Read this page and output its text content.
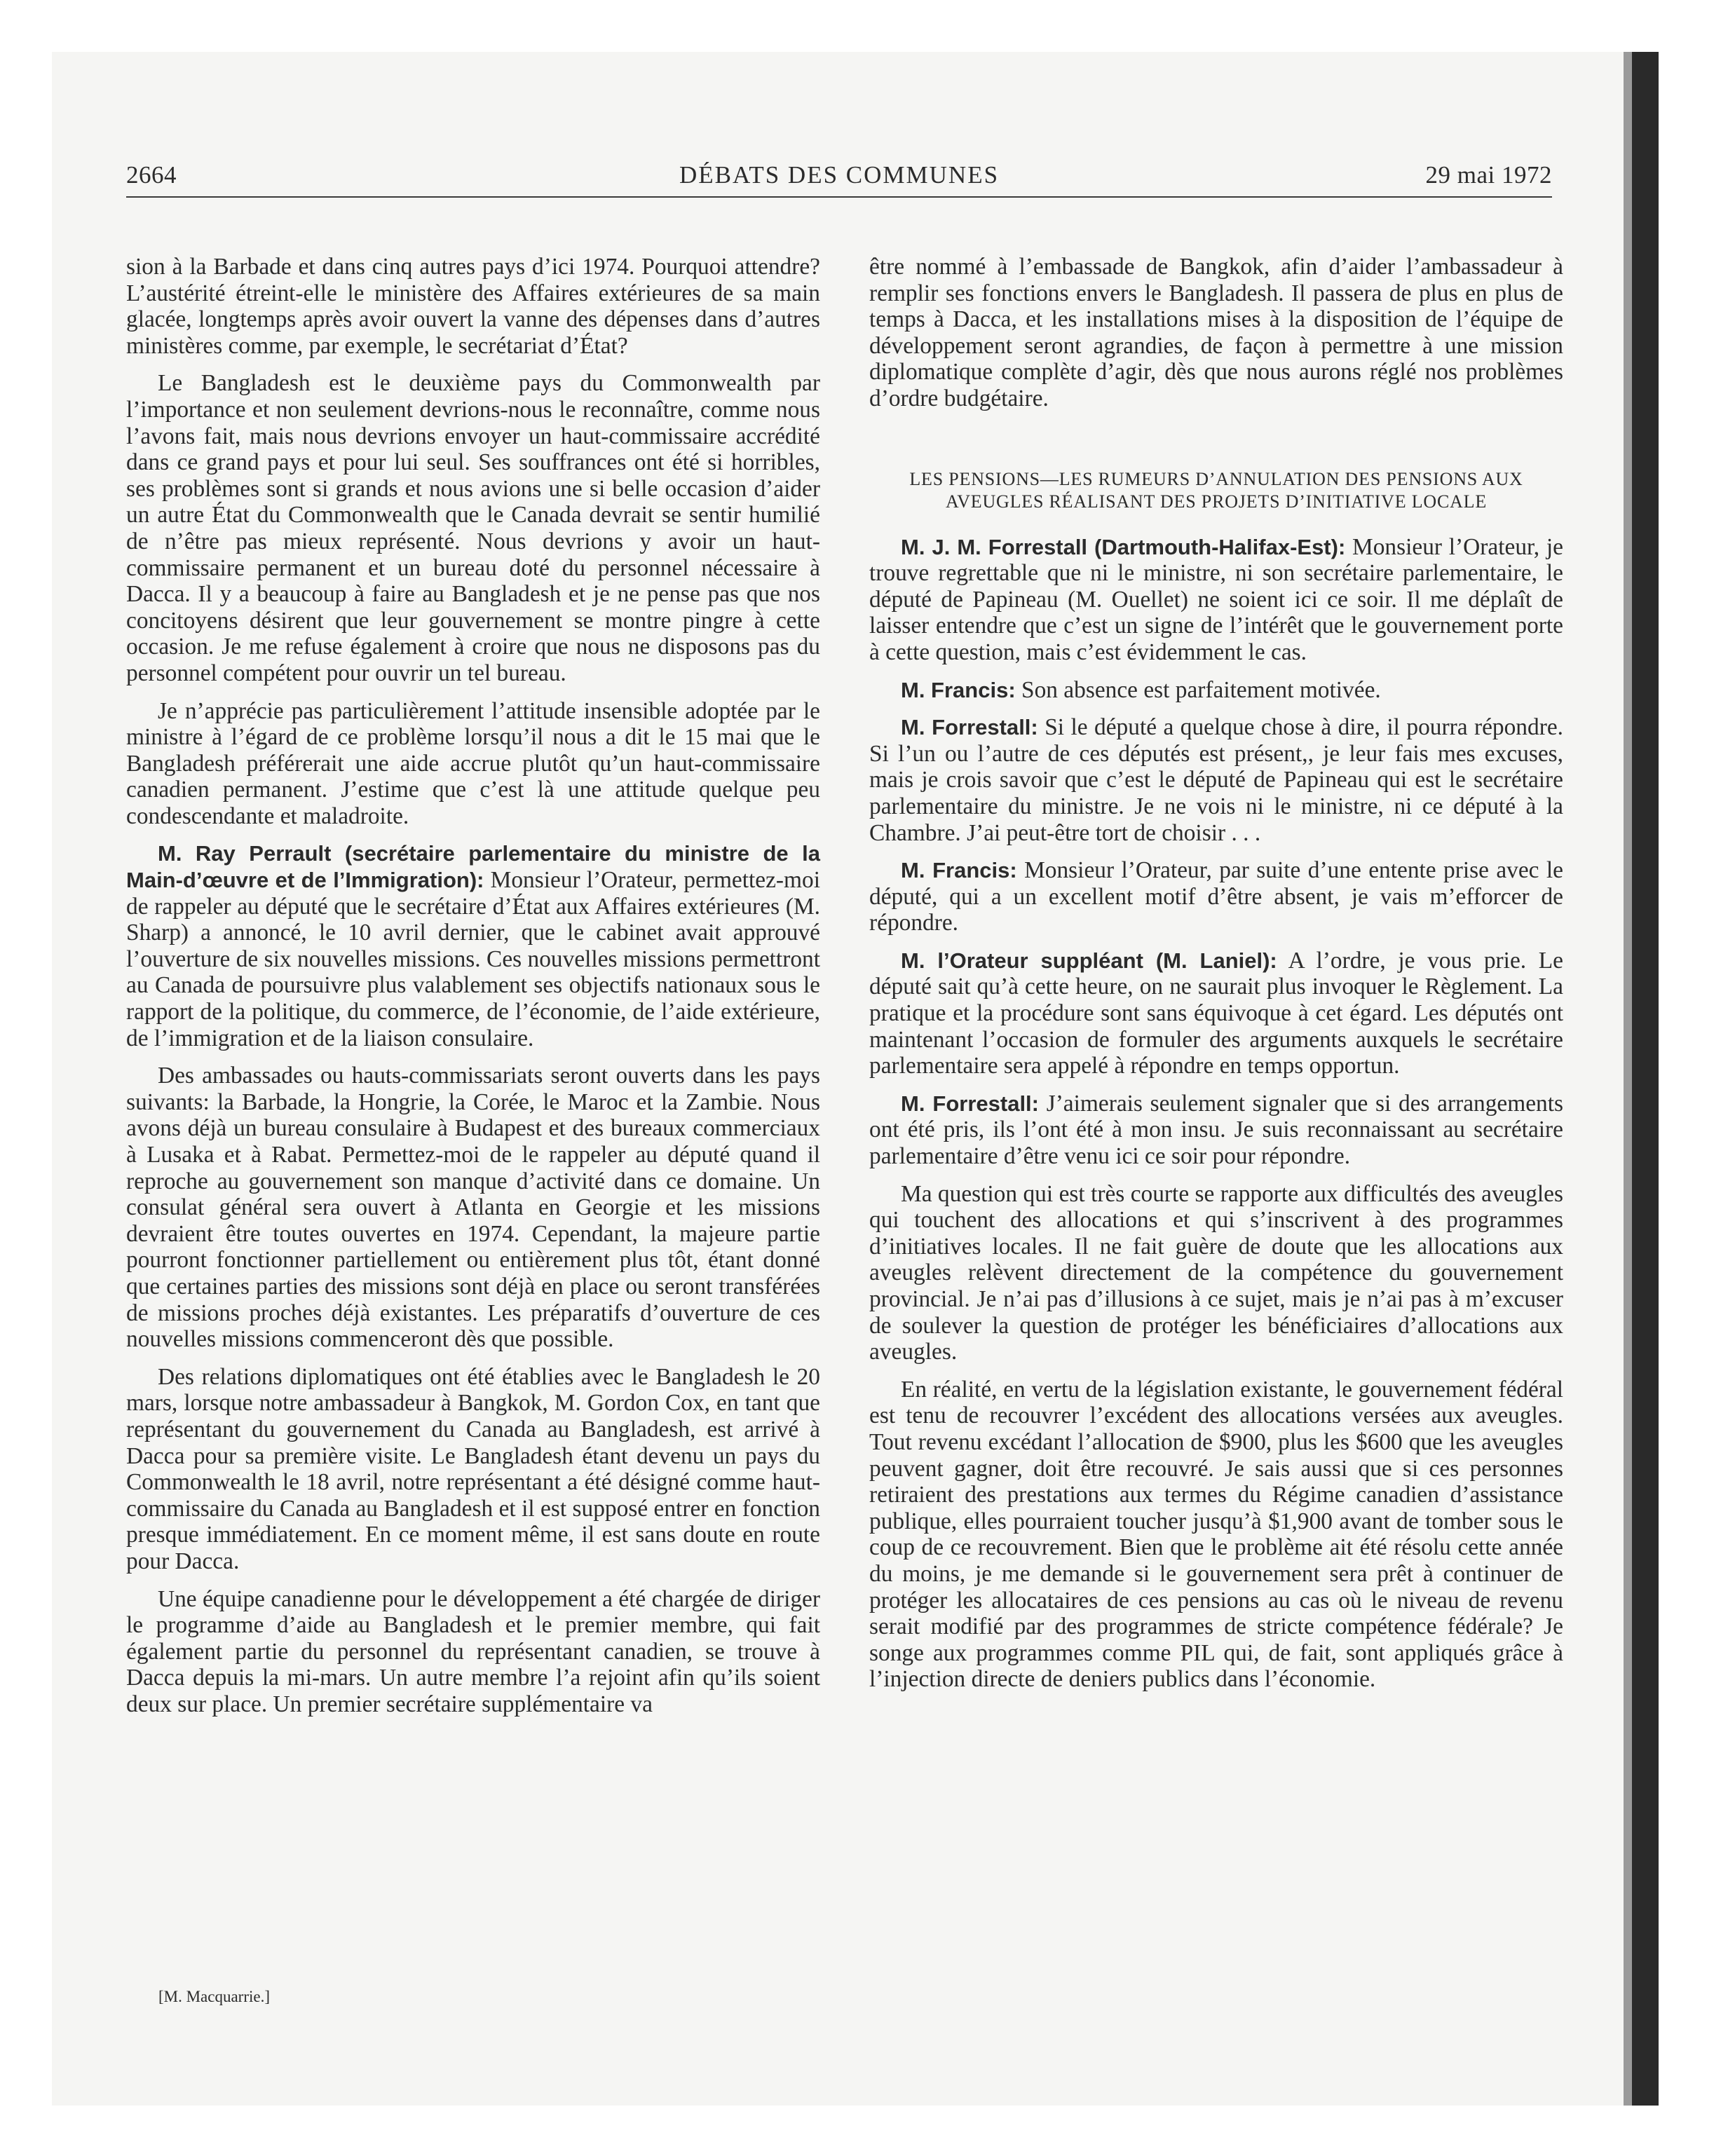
2664	DÉBATS DES COMMUNES	29 mai 1972

sion à la Barbade et dans cinq autres pays d’ici 1974. Pourquoi attendre? L’austérité étreint-elle le ministère des Affaires extérieures de sa main glacée, longtemps après avoir ouvert la vanne des dépenses dans d’autres ministères comme, par exemple, le secrétariat d’État?

Le Bangladesh est le deuxième pays du Commonwealth par l’importance et non seulement devrions-nous le reconnaître, comme nous l’avons fait, mais nous devrions envoyer un haut-commissaire accrédité dans ce grand pays et pour lui seul. Ses souffrances ont été si horribles, ses problèmes sont si grands et nous avions une si belle occasion d’aider un autre État du Commonwealth que le Canada devrait se sentir humilié de n’être pas mieux représenté. Nous devrions y avoir un haut-commissaire permanent et un bureau doté du personnel nécessaire à Dacca. Il y a beaucoup à faire au Bangladesh et je ne pense pas que nos concitoyens désirent que leur gouvernement se montre pingre à cette occasion. Je me refuse également à croire que nous ne disposons pas du personnel compétent pour ouvrir un tel bureau.

Je n’apprécie pas particulièrement l’attitude insensible adoptée par le ministre à l’égard de ce problème lorsqu’il nous a dit le 15 mai que le Bangladesh préférerait une aide accrue plutôt qu’un haut-commissaire canadien permanent. J’estime que c’est là une attitude quelque peu condescendante et maladroite.

M. Ray Perrault (secrétaire parlementaire du ministre de la Main-d’œuvre et de l’Immigration): Monsieur l’Orateur, permettez-moi de rappeler au député que le secrétaire d’État aux Affaires extérieures (M. Sharp) a annoncé, le 10 avril dernier, que le cabinet avait approuvé l’ouverture de six nouvelles missions. Ces nouvelles missions permettront au Canada de poursuivre plus valablement ses objectifs nationaux sous le rapport de la politique, du commerce, de l’économie, de l’aide extérieure, de l’immigration et de la liaison consulaire.

Des ambassades ou hauts-commissariats seront ouverts dans les pays suivants: la Barbade, la Hongrie, la Corée, le Maroc et la Zambie. Nous avons déjà un bureau consulaire à Budapest et des bureaux commerciaux à Lusaka et à Rabat. Permettez-moi de le rappeler au député quand il reproche au gouvernement son manque d’activité dans ce domaine. Un consulat général sera ouvert à Atlanta en Georgie et les missions devraient être toutes ouvertes en 1974. Cependant, la majeure partie pourront fonctionner partiellement ou entièrement plus tôt, étant donné que certaines parties des missions sont déjà en place ou seront transférées de missions proches déjà existantes. Les préparatifs d’ouverture de ces nouvelles missions commenceront dès que possible.

Des relations diplomatiques ont été établies avec le Bangladesh le 20 mars, lorsque notre ambassadeur à Bangkok, M. Gordon Cox, en tant que représentant du gouvernement du Canada au Bangladesh, est arrivé à Dacca pour sa première visite. Le Bangladesh étant devenu un pays du Commonwealth le 18 avril, notre représentant a été désigné comme haut-commissaire du Canada au Bangladesh et il est supposé entrer en fonction presque immédiatement. En ce moment même, il est sans doute en route pour Dacca.

Une équipe canadienne pour le développement a été chargée de diriger le programme d’aide au Bangladesh et le premier membre, qui fait également partie du personnel du représentant canadien, se trouve à Dacca depuis la mi-mars. Un autre membre l’a rejoint afin qu’ils soient deux sur place. Un premier secrétaire supplémentaire va

être nommé à l’embassade de Bangkok, afin d’aider l’ambassadeur à remplir ses fonctions envers le Bangladesh. Il passera de plus en plus de temps à Dacca, et les installations mises à la disposition de l’équipe de développement seront agrandies, de façon à permettre à une mission diplomatique complète d’agir, dès que nous aurons réglé nos problèmes d’ordre budgétaire.

LES PENSIONS—LES RUMEURS D’ANNULATION DES PENSIONS AUX AVEUGLES RÉALISANT DES PROJETS D’INITIATIVE LOCALE

M. J. M. Forrestall (Dartmouth-Halifax-Est): Monsieur l’Orateur, je trouve regrettable que ni le ministre, ni son secrétaire parlementaire, le député de Papineau (M. Ouellet) ne soient ici ce soir. Il me déplaît de laisser entendre que c’est un signe de l’intérêt que le gouvernement porte à cette question, mais c’est évidemment le cas.

M. Francis: Son absence est parfaitement motivée.

M. Forrestall: Si le député a quelque chose à dire, il pourra répondre. Si l’un ou l’autre de ces députés est présent,, je leur fais mes excuses, mais je crois savoir que c’est le député de Papineau qui est le secrétaire parlementaire du ministre. Je ne vois ni le ministre, ni ce député à la Chambre. J’ai peut-être tort de choisir . . .

M. Francis: Monsieur l’Orateur, par suite d’une entente prise avec le député, qui a un excellent motif d’être absent, je vais m’efforcer de répondre.

M. l’Orateur suppléant (M. Laniel): A l’ordre, je vous prie. Le député sait qu’à cette heure, on ne saurait plus invoquer le Règlement. La pratique et la procédure sont sans équivoque à cet égard. Les députés ont maintenant l’occasion de formuler des arguments auxquels le secrétaire parlementaire sera appelé à répondre en temps opportun.

M. Forrestall: J’aimerais seulement signaler que si des arrangements ont été pris, ils l’ont été à mon insu. Je suis reconnaissant au secrétaire parlementaire d’être venu ici ce soir pour répondre.

Ma question qui est très courte se rapporte aux difficultés des aveugles qui touchent des allocations et qui s’inscrivent à des programmes d’initiatives locales. Il ne fait guère de doute que les allocations aux aveugles relèvent directement de la compétence du gouvernement provincial. Je n’ai pas d’illusions à ce sujet, mais je n’ai pas à m’excuser de soulever la question de protéger les bénéficiaires d’allocations aux aveugles.

En réalité, en vertu de la législation existante, le gouvernement fédéral est tenu de recouvrer l’excédent des allocations versées aux aveugles. Tout revenu excédant l’allocation de $900, plus les $600 que les aveugles peuvent gagner, doit être recouvré. Je sais aussi que si ces personnes retiraient des prestations aux termes du Régime canadien d’assistance publique, elles pourraient toucher jusqu’à $1,900 avant de tomber sous le coup de ce recouvrement. Bien que le problème ait été résolu cette année du moins, je me demande si le gouvernement sera prêt à continuer de protéger les allocataires de ces pensions au cas où le niveau de revenu serait modifié par des programmes de stricte compétence fédérale? Je songe aux programmes comme PIL qui, de fait, sont appliqués grâce à l’injection directe de deniers publics dans l’économie.

[M. Macquarrie.]
